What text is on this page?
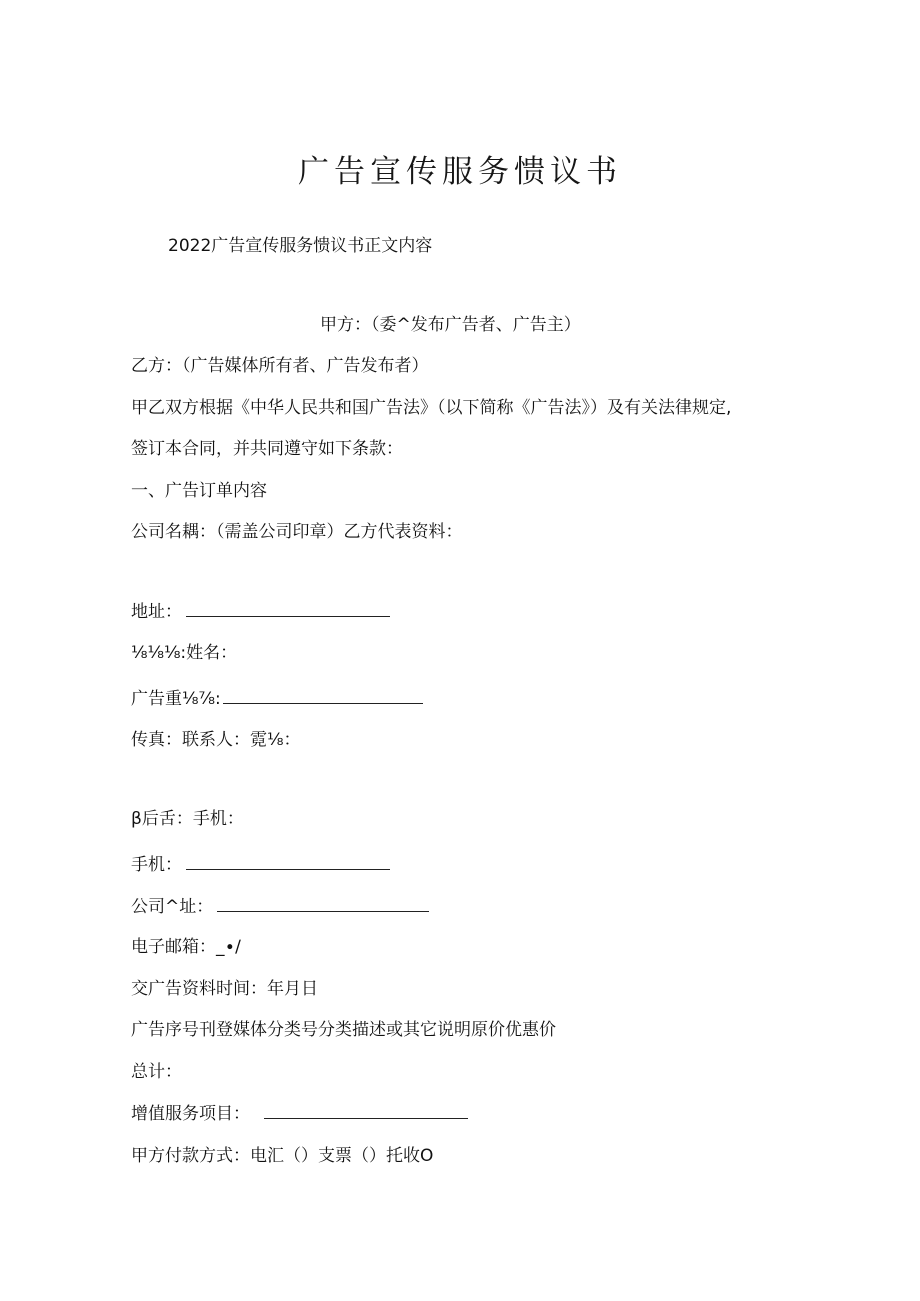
广告宣传服务愦议书

2022广告宣传服务愦议书正文内容

甲方：（委^发布广告者、广告主）

乙方：（广告媒体所有者、广告发布者）

甲乙双方根据《中华人民共和国广告法》（以下简称《广告法》）及有关法律规定,

签订本合同，并共同遵守如下条款：

一、广告订单内容

公司名耦：（需盖公司印章）乙方代表资料：

地址：

⅛⅛⅛:姓名：

广告重⅛⅞:

传真：联系人：霓⅛：

β后舌：手机：

手机：

公司^址：

电子邮箱：_∙∕

交广告资料时间：年月日

广告序号刊登媒体分类号分类描述或其它说明原价优惠价

总计：

增值服务项目：

甲方付款方式：电汇（）支票（）托收O
